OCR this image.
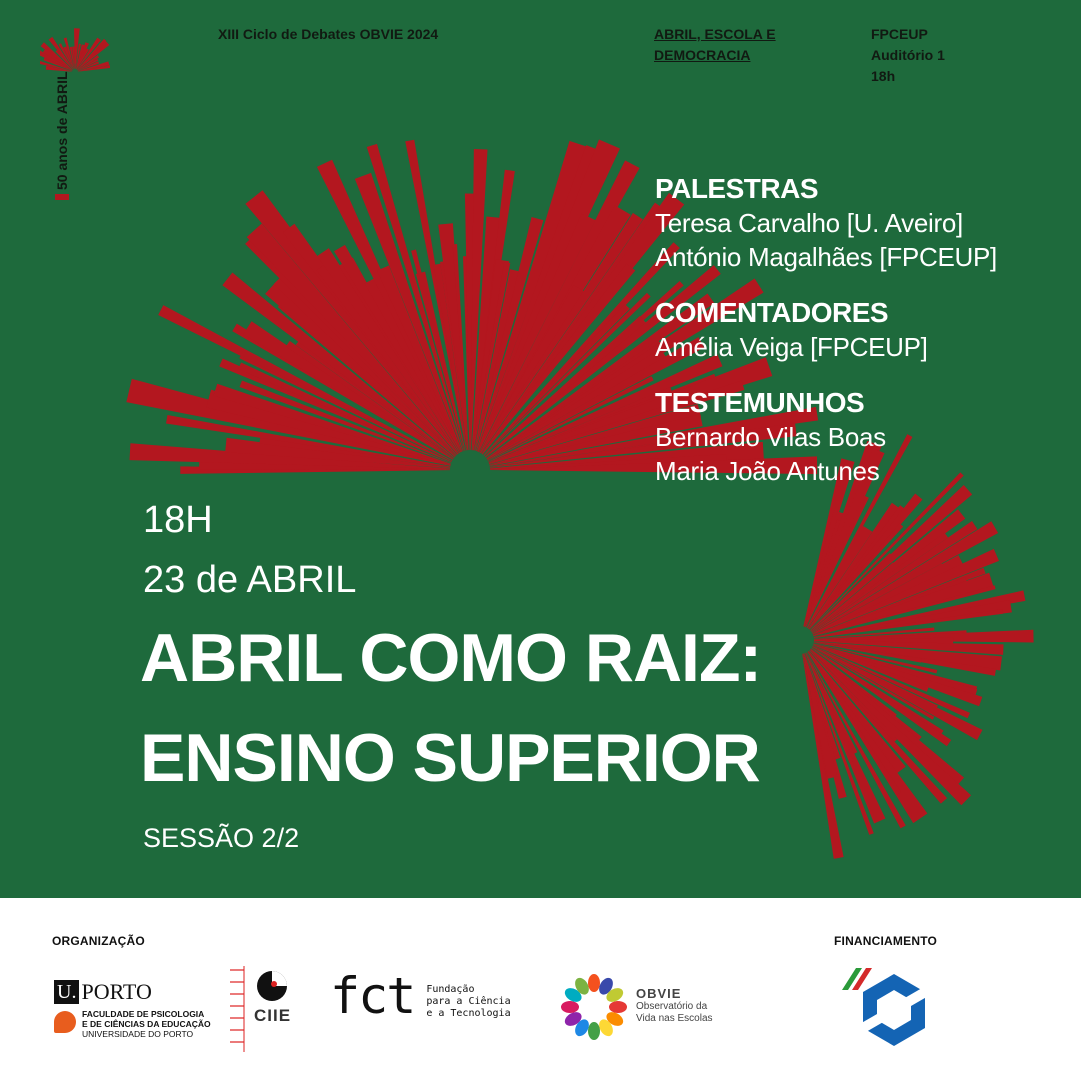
50 anos de ABRIL
XIII Ciclo de Debates OBVIE 2024	ABRIL, ESCOLA E
DEMOCRACIA
FPCEUP
Auditório 1
18h
PALESTRAS
Teresa Carvalho [U. Aveiro]
António Magalhães [FPCEUP]
COMENTADORES
Amélia Veiga [FPCEUP]
TESTEMUNHOS
Bernardo Vilas Boas
Maria João Antunes
18H
23 de ABRIL
ABRIL COMO RAIZ:
ENSINO SUPERIOR
SESSÃO 2/2
ORGANIZAÇÃO	FINANCIAMENTO
U. PORTO
FACULDADE DE PSICOLOGIA
E DE CIÊNCIAS DA EDUCAÇÃO
UNIVERSIDADE DO PORTO
CIIE fct Fundação
para a Ciência
e a Tecnologia
OBVIE
Observatório da
Vida nas Escolas
